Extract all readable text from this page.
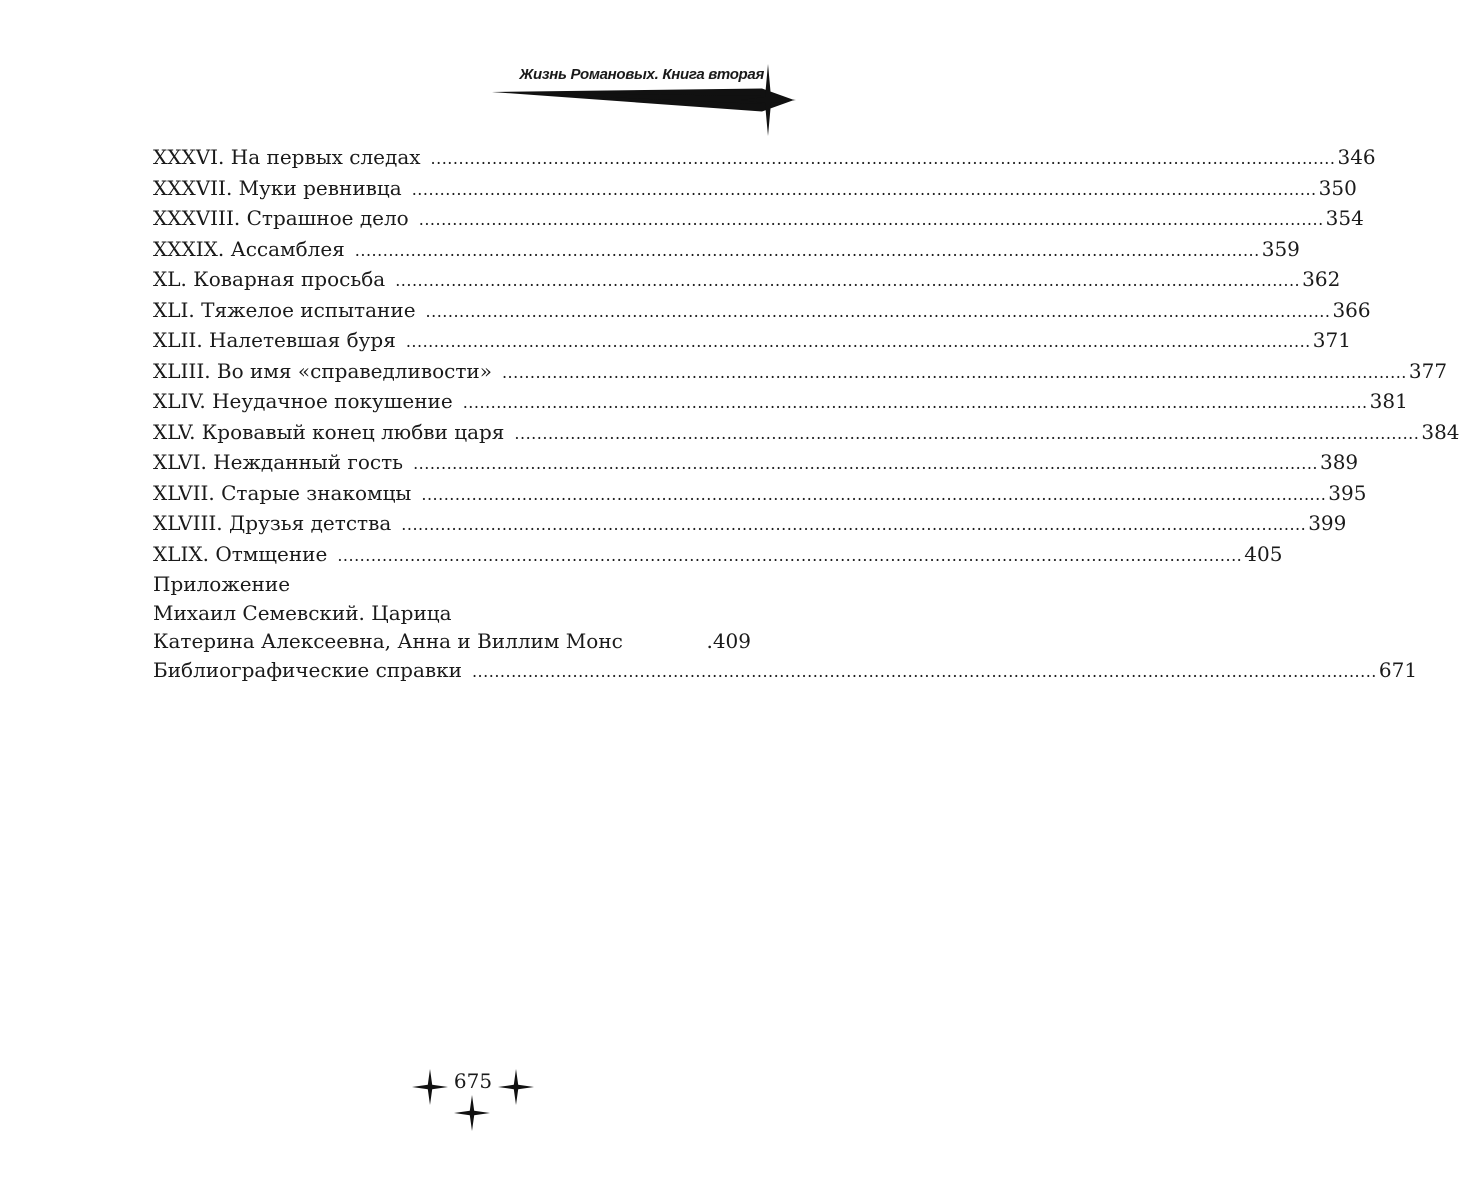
Жизнь Романовых. Книга вторая
XXXVI. На первых следах .....	346
XXXVII. Муки ревнивца .....	350
XXXVIII. Страшное дело .....	354
XXXIX. Ассамблея .....	359
XL. Коварная просьба .....	362
XLI. Тяжелое испытание .....	366
XLII. Налетевшая буря .....	371
XLIII. Во имя «справедливости» .....	377
XLIV. Неудачное покушение .....	381
XLV. Кровавый конец любви царя .....	384
XLVI. Нежданный гость .....	389
XLVII. Старые знакомцы .....	395
XLVIII. Друзья детства .....	399
XLIX. Отмщение .....	405
Приложение
Михаил Семевский. Царица
Катерина Алексеевна, Анна и Виллим Монс	.409
Библиографические справки .....	671
675
